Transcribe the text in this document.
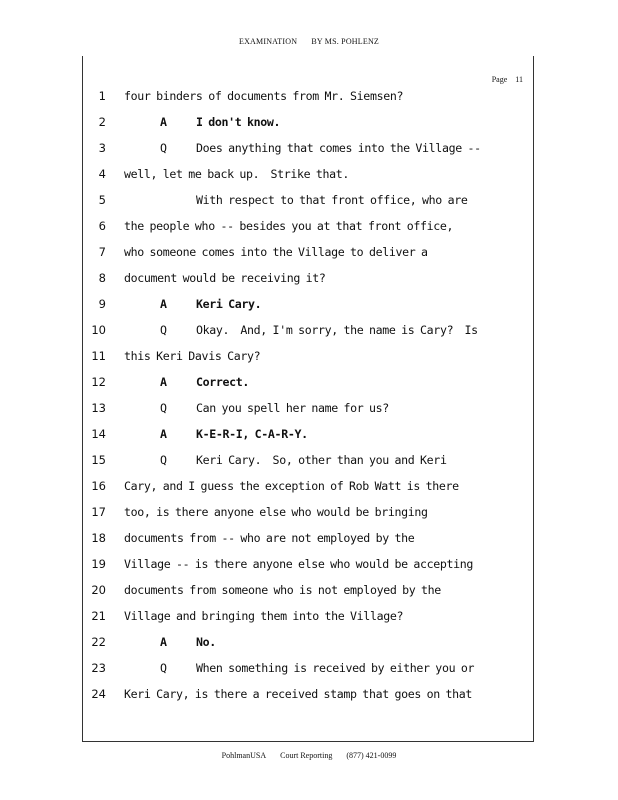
EXAMINATION BY MS. POHLENZ
Page 11
1 four binders of documents from Mr. Siemsen?
2	A	I don't know.
3	Q	Does anything that comes into the Village --
4 well, let me back up.  Strike that.
5	With respect to that front office, who are
6 the people who -- besides you at that front office,
7 who someone comes into the Village to deliver a
8 document would be receiving it?
9	A	Keri Cary.
10	Q	Okay.  And, I'm sorry, the name is Cary?  Is
11 this Keri Davis Cary?
12	A	Correct.
13	Q	Can you spell her name for us?
14	A	K-E-R-I, C-A-R-Y.
15	Q	Keri Cary.  So, other than you and Keri
16 Cary, and I guess the exception of Rob Watt is there
17 too, is there anyone else who would be bringing
18 documents from -- who are not employed by the
19 Village -- is there anyone else who would be accepting
20 documents from someone who is not employed by the
21 Village and bringing them into the Village?
22	A	No.
23	Q	When something is received by either you or
24 Keri Cary, is there a received stamp that goes on that
PohlmanUSA Court Reporting (877) 421-0099
